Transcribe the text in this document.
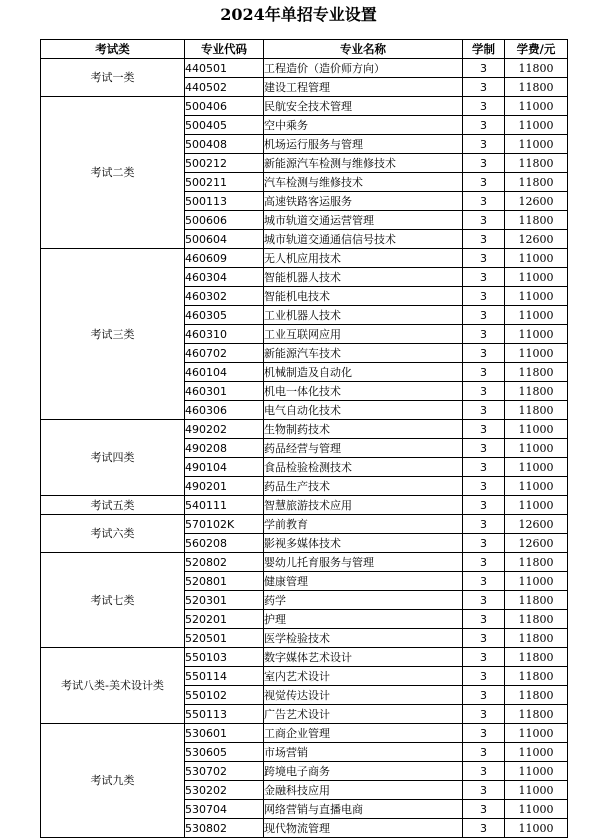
2024年单招专业设置
考试类	专业代码	专业名称	学制	学费/元
考试一类	440501	工程造价（造价师方向）	3	11800
	440502	建设工程管理	3	11800
考试二类	500406	民航安全技术管理	3	11000
	500405	空中乘务	3	11000
	500408	机场运行服务与管理	3	11000
	500212	新能源汽车检测与维修技术	3	11800
	500211	汽车检测与维修技术	3	11800
	500113	高速铁路客运服务	3	12600
	500606	城市轨道交通运营管理	3	11800
	500604	城市轨道交通通信信号技术	3	12600
考试三类	460609	无人机应用技术	3	11000
	460304	智能机器人技术	3	11000
	460302	智能机电技术	3	11000
	460305	工业机器人技术	3	11000
	460310	工业互联网应用	3	11000
	460702	新能源汽车技术	3	11000
	460104	机械制造及自动化	3	11800
	460301	机电一体化技术	3	11800
	460306	电气自动化技术	3	11800
考试四类	490202	生物制药技术	3	11000
	490208	药品经营与管理	3	11000
	490104	食品检验检测技术	3	11000
	490201	药品生产技术	3	11000
考试五类	540111	智慧旅游技术应用	3	11000
考试六类	570102K	学前教育	3	12600
	560208	影视多媒体技术	3	12600
考试七类	520802	婴幼儿托育服务与管理	3	11800
	520801	健康管理	3	11000
	520301	药学	3	11800
	520201	护理	3	11800
	520501	医学检验技术	3	11800
考试八类-美术设计类	550103	数字媒体艺术设计	3	11800
	550114	室内艺术设计	3	11800
	550102	视觉传达设计	3	11800
	550113	广告艺术设计	3	11800
考试九类	530601	工商企业管理	3	11000
	530605	市场营销	3	11000
	530702	跨境电子商务	3	11000
	530202	金融科技应用	3	11000
	530704	网络营销与直播电商	3	11000
	530802	现代物流管理	3	11000
